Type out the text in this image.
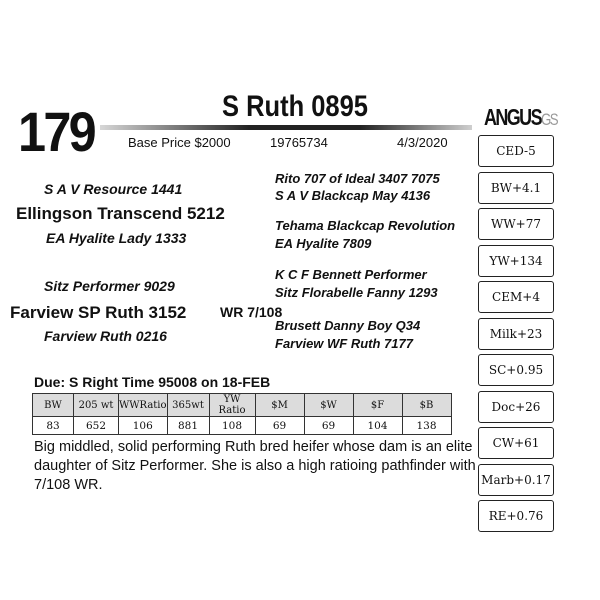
179	S Ruth 0895
Base Price $2000	19765734	4/3/2020
ANGUSGS
CED-5
BW+4.1
WW+77
YW+134
CEM+4
Milk+23
SC+0.95
Doc+26
CW+61
Marb+0.17
RE+0.76
S A V Resource 1441
Ellingson Transcend 5212
EA Hyalite Lady 1333
Rito 707 of Ideal 3407 7075
S A V Blackcap May 4136
Tehama Blackcap Revolution
EA Hyalite 7809
Sitz Performer 9029
Farview SP Ruth 3152 WR 7/108
Farview Ruth 0216
K C F Bennett Performer
Sitz Florabelle Fanny 1293
Brusett Danny Boy Q34
Farview WF Ruth 7177
Due: S Right Time 95008 on 18-FEB
BW	205 wt	WWRatio	365wt	YW Ratio	$M	$W	$F	$B
83	652	106	881	108	69	69	104	138
Big middled, solid performing Ruth bred heifer whose dam is an elite daughter of Sitz Performer. She is also a high ratioing pathfinder with 7/108 WR.
